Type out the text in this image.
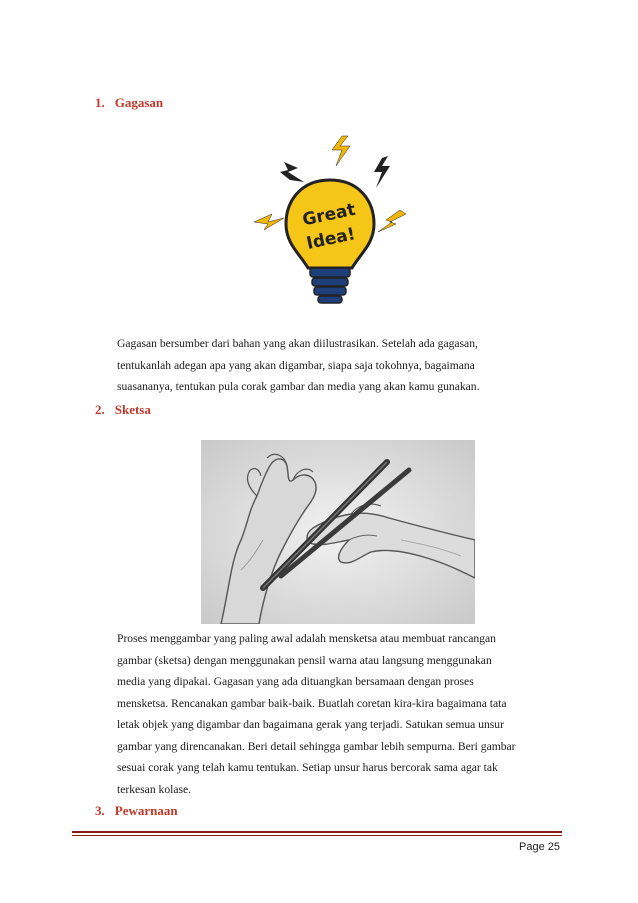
1. Gagasan
Great
Idea!

Gagasan bersumber dari bahan yang akan diilustrasikan. Setelah ada gagasan,

tentukanlah adegan apa yang akan digambar, siapa saja tokohnya, bagaimana

suasananya, tentukan pula corak gambar dan media yang akan kamu gunakan.

2. Sketsa

Proses menggambar yang paling awal adalah mensketsa atau membuat rancangan

gambar (sketsa) dengan menggunakan pensil warna atau langsung menggunakan

media yang dipakai. Gagasan yang ada dituangkan bersamaan dengan proses

mensketsa. Rencanakan gambar baik-baik. Buatlah coretan kira-kira bagaimana tata

letak objek yang digambar dan bagaimana gerak yang terjadi. Satukan semua unsur

gambar yang direncanakan. Beri detail sehingga gambar lebih sempurna. Beri gambar

sesuai corak yang telah kamu tentukan. Setiap unsur harus bercorak sama agar tak

terkesan kolase.

3. Pewarnaan
Page 25
